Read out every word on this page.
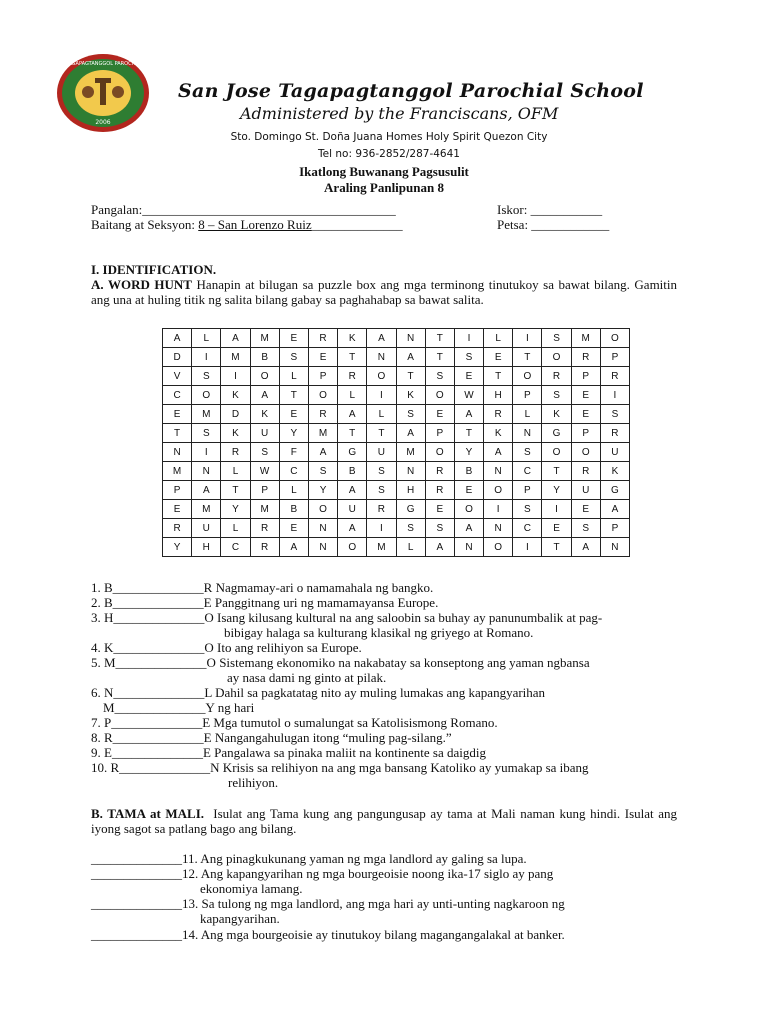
SAN JOSE TAGAPAGTANGGOL PAROCHIAL SCHOOL
2006
San Jose Tagapagtanggol Parochial School
Administered by the Franciscans, OFM
Sto. Domingo St. Doña Juana Homes Holy Spirit Quezon City
Tel no: 936-2852/287-4641
Ikatlong Buwanang Pagsusulit
Araling Panlipunan 8
Pangalan:_______________________________________
Baitang at Seksyon: 8 – San Lorenzo Ruiz______________
Iskor: ___________
Petsa: ____________
I. IDENTIFICATION.
A. WORD HUNT Hanapin at bilugan sa puzzle box ang mga terminong tinutukoy sa bawat bilang. Gamitin ang una at huling titik ng salita bilang gabay sa paghahabap sa bawat salita.
A	L	A	M	E	R	K	A	N	T	I	L	I	S	M	O
D	I	M	B	S	E	T	N	A	T	S	E	T	O	R	P
V	S	I	O	L	P	R	O	T	S	E	T	O	R	P	R
C	O	K	A	T	O	L	I	K	O	W	H	P	S	E	I
E	M	D	K	E	R	A	L	S	E	A	R	L	K	E	S
T	S	K	U	Y	M	T	T	A	P	T	K	N	G	P	R
N	I	R	S	F	A	G	U	M	O	Y	A	S	O	O	U
M	N	L	W	C	S	B	S	N	R	B	N	C	T	R	K
P	A	T	P	L	Y	A	S	H	R	E	O	P	Y	U	G
E	M	Y	M	B	O	U	R	G	E	O	I	S	I	E	A
R	U	L	R	E	N	A	I	S	S	A	N	C	E	S	P
Y	H	C	R	A	N	O	M	L	A	N	O	I	T	A	N
1. B______________R Nagmamay-ari o namamahala ng bangko.
2. B______________E Panggitnang uri ng mamamayansa Europe.
3. H______________O Isang kilusang kultural na ang saloobin sa buhay ay panunumbalik at pag-
bibigay halaga sa kulturang klasikal ng griyego at Romano.
4. K______________O Ito ang relihiyon sa Europe.
5. M______________O Sistemang ekonomiko na nakabatay sa konseptong ang yaman ngbansa
ay nasa dami ng ginto at pilak.
6. N______________L Dahil sa pagkatatag nito ay muling lumakas ang kapangyarihan
M______________Y ng hari
7. P______________E Mga tumutol o sumalungat sa Katolisismong Romano.
8. R______________E Nangangahulugan itong “muling pag-silang.”
9. E______________E Pangalawa sa pinaka maliit na kontinente sa daigdig
10. R______________N Krisis sa relihiyon na ang mga bansang Katoliko ay yumakap sa ibang
relihiyon.
B. TAMA at MALI. Isulat ang Tama kung ang pangungusap ay tama at Mali naman kung hindi. Isulat ang iyong sagot sa patlang bago ang bilang.
______________11. Ang pinagkukunang yaman ng mga landlord ay galing sa lupa.
______________12. Ang kapangyarihan ng mga bourgeoisie noong ika-17 siglo ay pang
ekonomiya lamang.
______________13. Sa tulong ng mga landlord, ang mga hari ay unti-unting nagkaroon ng
kapangyarihan.
______________14. Ang mga bourgeoisie ay tinutukoy bilang magangangalakal at banker.
